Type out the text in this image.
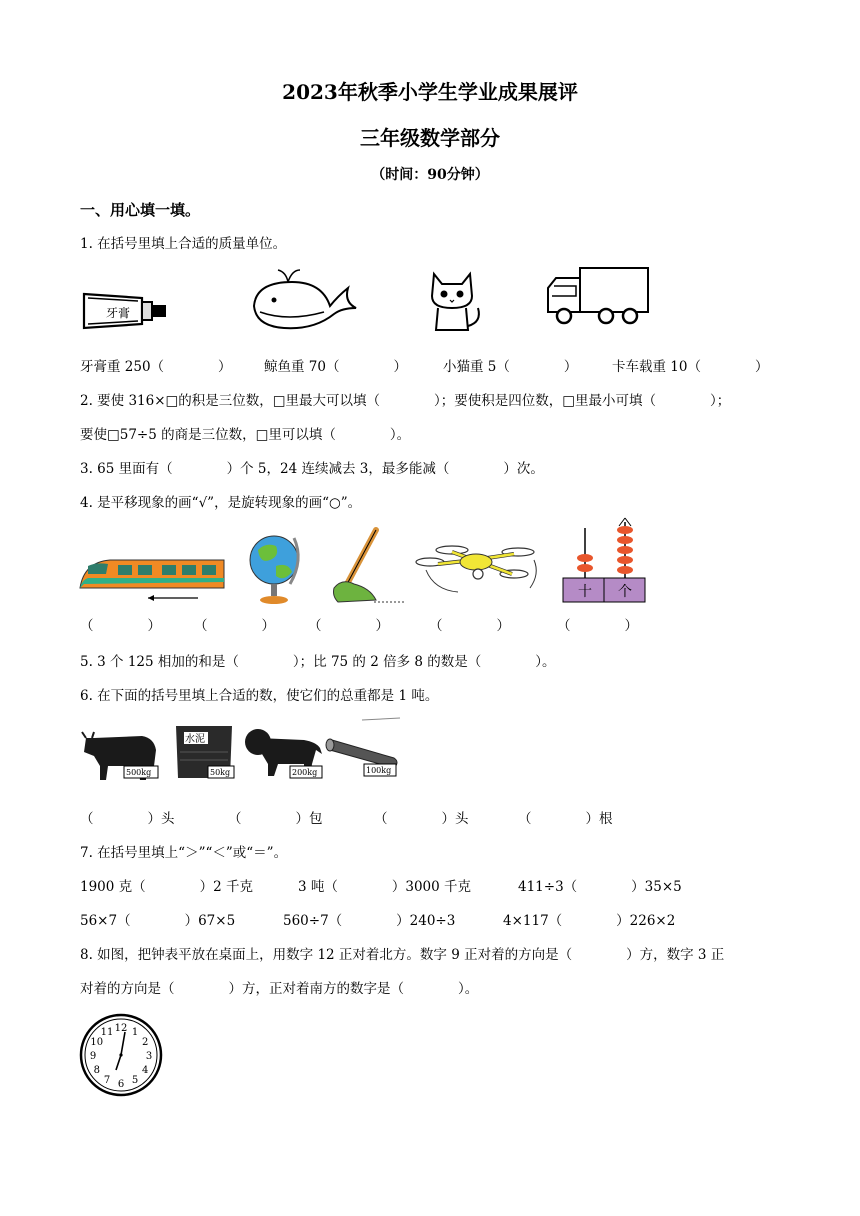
2023年秋季小学生学业成果展评
三年级数学部分
（时间：90分钟）
一、用心填一填。
1. 在括号里填上合适的质量单位。
牙膏
牙膏重 250（　　　　） 鲸鱼重 70（　　　　）	小猫重 5（　　　　）	卡车载重 10（　　　　）
2. 要使 316×□的积是三位数，□里最大可以填（　　　　）；要使积是四位数，□里最小可填（　　　　）；
要使□57÷5 的商是三位数，□里可以填（　　　　）。
3. 65 里面有（　　　　）个 5，24 连续减去 3，最多能减（　　　　）次。
4. 是平移现象的画“√”，是旋转现象的画“○”。
十 个
（　　　　） （　　　　） （　　　　）	（　　　　）	（　　　　）
5. 3 个 125 相加的和是（　　　　）；比 75 的 2 倍多 8 的数是（　　　　）。
6. 在下面的括号里填上合适的数，使它们的总重都是 1 吨。
500kg
水泥
50kg	200kg	100kg
（　　　　）头	（　　　　）包	（　　　　）头	（　　　　）根
7. 在括号里填上“＞”“＜”或“＝”。
1900 克（　　　　）2 千克	3 吨（　　　　）3000 千克	411÷3（　　　　）35×5
56×7（　　　　）67×5	560÷7（　　　　）240÷3	4×117（　　　　）226×2
8. 如图，把钟表平放在桌面上，用数字 12 正对着北方。数字 9 正对着的方向是（　　　　）方，数字 3 正
对着的方向是（　　　　）方，正对着南方的数字是（　　　　）。
12 1
2
3
4
5
6
7
8
9
10
11
